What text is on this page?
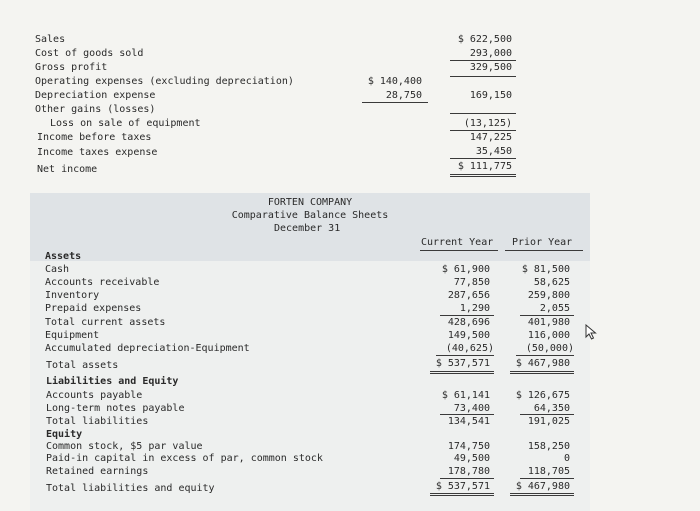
Sales
Cost of goods sold
Gross profit
Operating expenses (excluding depreciation)
Depreciation expense
Other gains (losses)
Loss on sale of equipment
Income before taxes
Income taxes expense
Net income
$ 140,400
28,750
$ 622,500
293,000
329,500
169,150
(13,125)
147,225
35,450
$ 111,775
FORTEN COMPANY
Comparative Balance Sheets
December 31
Current Year Prior Year
Assets
Cash
Accounts receivable
Inventory
Prepaid expenses
Total current assets
Equipment
Accumulated depreciation-Equipment
Total assets
Liabilities and Equity
Accounts payable
Long-term notes payable
Total liabilities
Equity
Common stock, $5 par value
Paid-in capital in excess of par, common stock
Retained earnings
Total liabilities and equity
$ 61,900
77,850
287,656
1,290
428,696
149,500
(40,625)
$ 537,571
$ 61,141
73,400
134,541
174,750
49,500
178,780
$ 537,571
$ 81,500
58,625
259,800
2,055
401,980
116,000
(50,000)
$ 467,980
$ 126,675
64,350
191,025
158,250
0
118,705
$ 467,980
